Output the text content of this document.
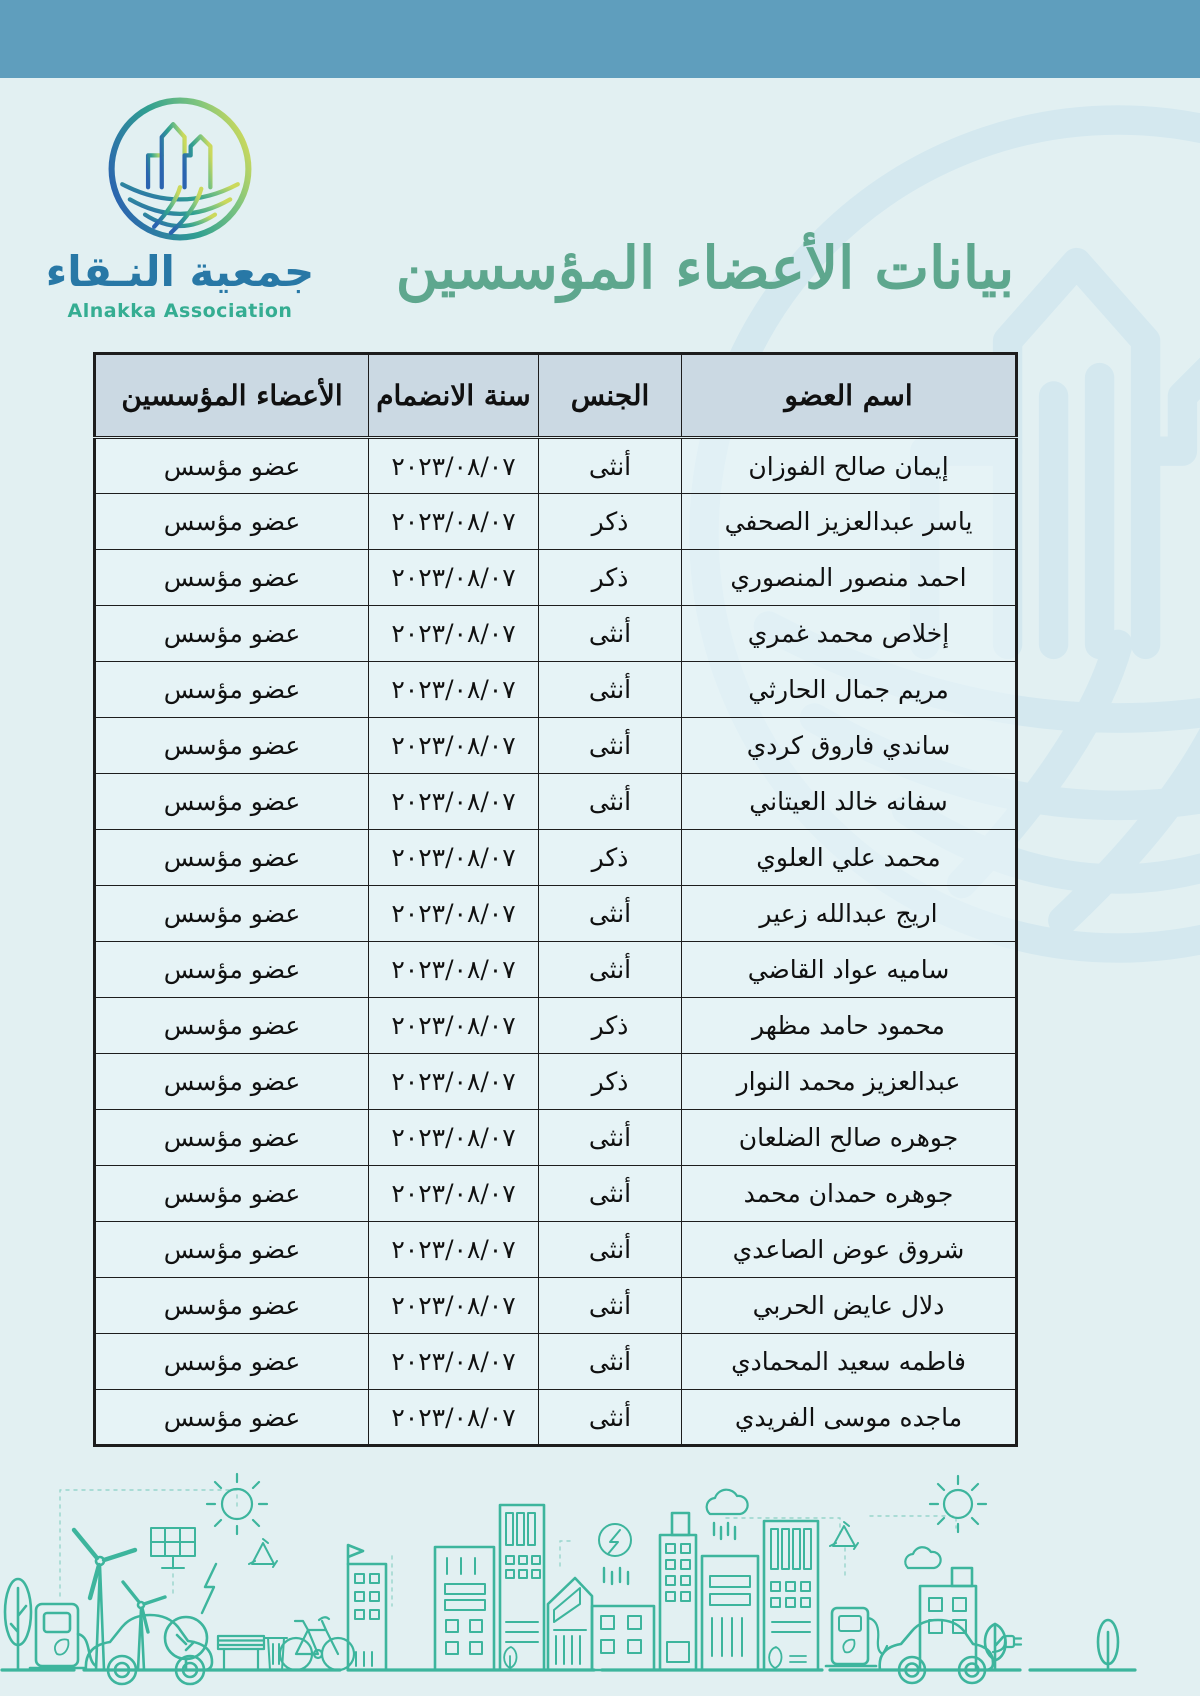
جمعية النـقاء
Alnakka Association
بيانات الأعضاء المؤسسين
اسم العضو	الجنس	سنة الانضمام	الأعضاء المؤسسين
إيمان صالح الفوزان	أنثى	٢٠٢٣/٠٨/٠٧	عضو مؤسس
ياسر عبدالعزيز الصحفي	ذكر	٢٠٢٣/٠٨/٠٧	عضو مؤسس
احمد منصور المنصوري	ذكر	٢٠٢٣/٠٨/٠٧	عضو مؤسس
إخلاص محمد غمري	أنثى	٢٠٢٣/٠٨/٠٧	عضو مؤسس
مريم جمال الحارثي	أنثى	٢٠٢٣/٠٨/٠٧	عضو مؤسس
ساندي فاروق كردي	أنثى	٢٠٢٣/٠٨/٠٧	عضو مؤسس
سفانه خالد العيتاني	أنثى	٢٠٢٣/٠٨/٠٧	عضو مؤسس
محمد علي العلوي	ذكر	٢٠٢٣/٠٨/٠٧	عضو مؤسس
اريج عبدالله زعير	أنثى	٢٠٢٣/٠٨/٠٧	عضو مؤسس
ساميه عواد القاضي	أنثى	٢٠٢٣/٠٨/٠٧	عضو مؤسس
محمود حامد مظهر	ذكر	٢٠٢٣/٠٨/٠٧	عضو مؤسس
عبدالعزيز محمد النوار	ذكر	٢٠٢٣/٠٨/٠٧	عضو مؤسس
جوهره صالح الضلعان	أنثى	٢٠٢٣/٠٨/٠٧	عضو مؤسس
جوهره حمدان محمد	أنثى	٢٠٢٣/٠٨/٠٧	عضو مؤسس
شروق عوض الصاعدي	أنثى	٢٠٢٣/٠٨/٠٧	عضو مؤسس
دلال عايض الحربي	أنثى	٢٠٢٣/٠٨/٠٧	عضو مؤسس
فاطمه سعيد المحمادي	أنثى	٢٠٢٣/٠٨/٠٧	عضو مؤسس
ماجده موسى الفريدي	أنثى	٢٠٢٣/٠٨/٠٧	عضو مؤسس
